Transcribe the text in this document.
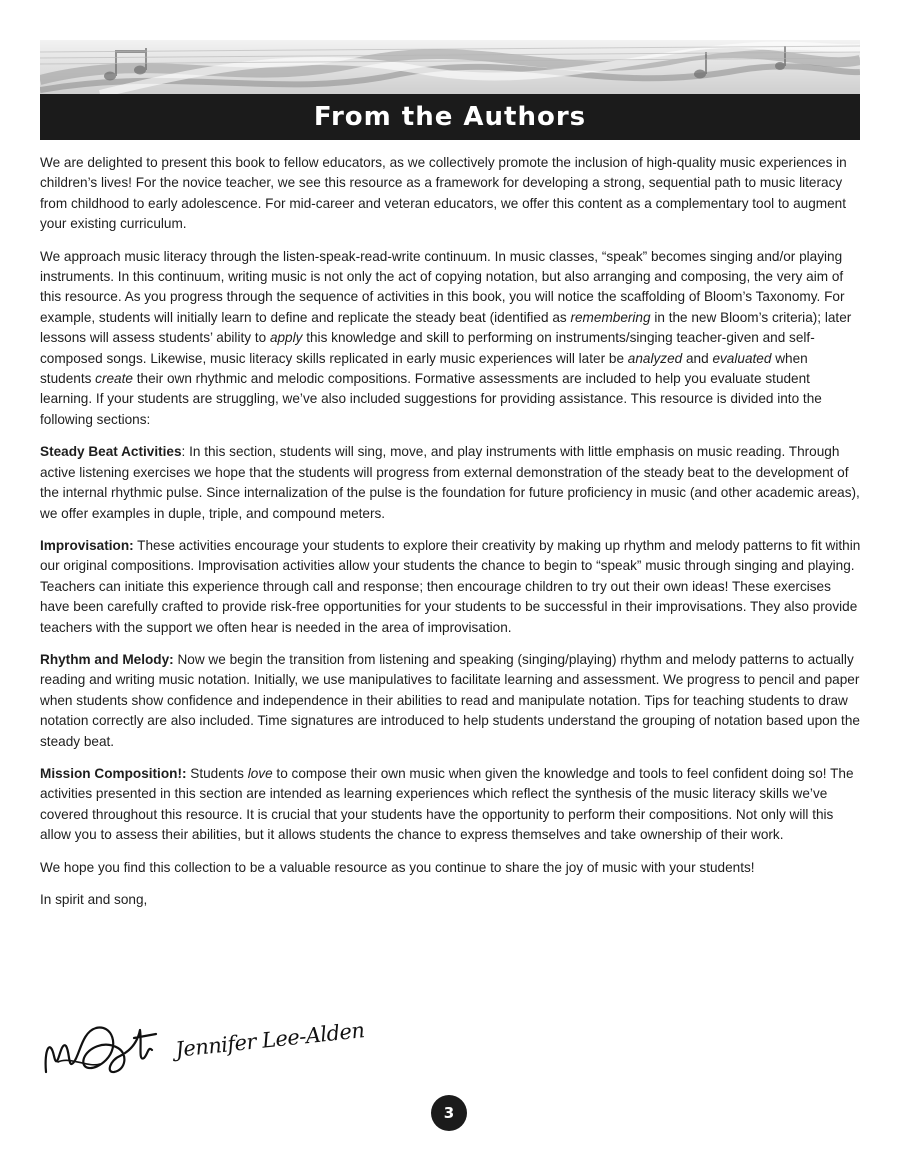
From the Authors

We are delighted to present this book to fellow educators, as we collectively promote the inclusion of high-quality music experiences in children’s lives! For the novice teacher, we see this resource as a framework for developing a strong, sequential path to music literacy from childhood to early adolescence. For mid-career and veteran educators, we offer this content as a complementary tool to augment your existing curriculum.

We approach music literacy through the listen-speak-read-write continuum. In music classes, “speak” becomes singing and/or playing instruments. In this continuum, writing music is not only the act of copying notation, but also arranging and composing, the very aim of this resource. As you progress through the sequence of activities in this book, you will notice the scaffolding of Bloom’s Taxonomy. For example, students will initially learn to define and replicate the steady beat (identified as remembering in the new Bloom’s criteria); later lessons will assess students’ ability to apply this knowledge and skill to performing on instruments/singing teacher-given and self-composed songs. Likewise, music literacy skills replicated in early music experiences will later be analyzed and evaluated when students create their own rhythmic and melodic compositions. Formative assessments are included to help you evaluate student learning. If your students are struggling, we’ve also included suggestions for providing assistance. This resource is divided into the following sections:

Steady Beat Activities: In this section, students will sing, move, and play instruments with little emphasis on music reading. Through active listening exercises we hope that the students will progress from external demonstration of the steady beat to the development of the internal rhythmic pulse. Since internalization of the pulse is the foundation for future proficiency in music (and other academic areas), we offer examples in duple, triple, and compound meters.

Improvisation: These activities encourage your students to explore their creativity by making up rhythm and melody patterns to fit within our original compositions. Improvisation activities allow your students the chance to begin to “speak” music through singing and playing. Teachers can initiate this experience through call and response; then encourage children to try out their own ideas! These exercises have been carefully crafted to provide risk-free opportunities for your students to be successful in their improvisations. They also provide teachers with the support we often hear is needed in the area of improvisation.

Rhythm and Melody: Now we begin the transition from listening and speaking (singing/playing) rhythm and melody patterns to actually reading and writing music notation. Initially, we use manipulatives to facilitate learning and assessment. We progress to pencil and paper when students show confidence and independence in their abilities to read and manipulate notation. Tips for teaching students to draw notation correctly are also included. Time signatures are introduced to help students understand the grouping of notation based upon the steady beat.

Mission Composition!: Students love to compose their own music when given the knowledge and tools to feel confident doing so! The activities presented in this section are intended as learning experiences which reflect the synthesis of the music literacy skills we’ve covered throughout this resource. It is crucial that your students have the opportunity to perform their compositions. Not only will this allow you to assess their abilities, but it allows students the chance to express themselves and take ownership of their work.

We hope you find this collection to be a valuable resource as you continue to share the joy of music with your students!

In spirit and song,

Jennifer Lee-Alden
3
